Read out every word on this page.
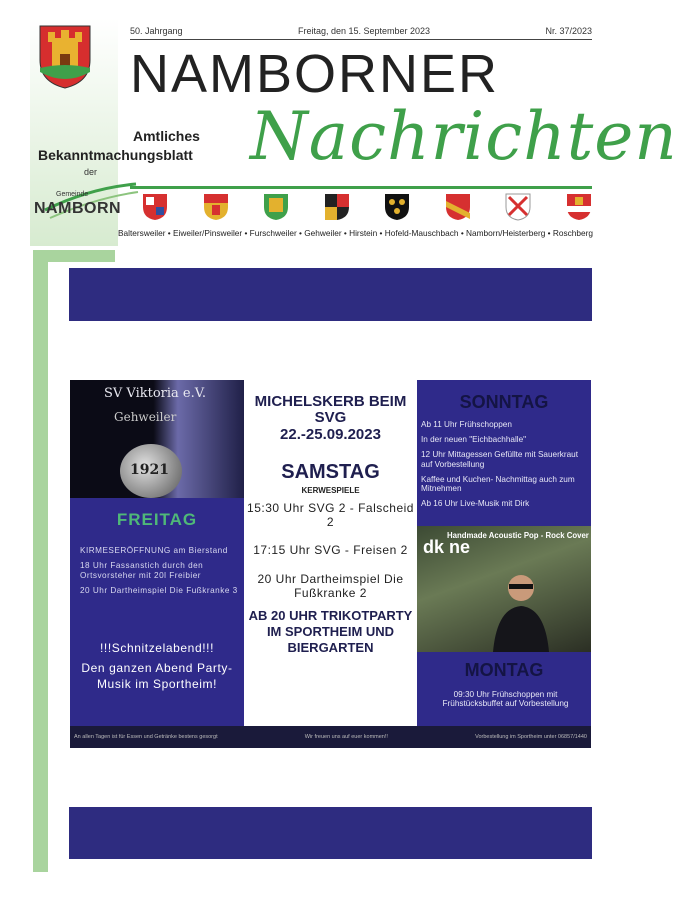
50. Jahrgang	Freitag, den 15. September 2023	Nr. 37/2023
NAMBORNER
Nachrichten
Amtliches
Bekanntmachungsblatt
der
Gemeinde
NAMBORN
Baltersweiler • Eiweiler/Pinsweiler • Furschweiler • Gehweiler • Hirstein • Hofeld-Mauschbach • Namborn/Heisterberg • Roschberg
SV Viktoria e.V.
Gehweiler
1921
FREITAG
KIRMESERÖFFNUNG am Bierstand
18 Uhr Fassanstich durch den Ortsvorsteher mit 20l Freibier
20 Uhr Dartheimspiel Die Fußkranke 3
!!!Schnitzelabend!!!
Den ganzen Abend Party-Musik im Sportheim!
MICHELSKERB BEIM SVG
22.-25.09.2023
SAMSTAG
KERWESPIELE
15:30 Uhr SVG 2 - Falscheid 2
17:15 Uhr SVG - Freisen 2
20 Uhr Dartheimspiel Die Fußkranke 2
AB 20 UHR TRIKOTPARTY IM SPORTHEIM UND BIERGARTEN
SONNTAG
Ab 11 Uhr Frühschoppen
In der neuen "Eichbachhalle"
12 Uhr Mittagessen Gefüllte mit Sauerkraut auf Vorbestellung
Kaffee und Kuchen- Nachmittag auch zum Mitnehmen
Ab 16 Uhr Live-Musik mit Dirk
dk ne
Handmade Acoustic Pop - Rock Cover
MONTAG
09:30 Uhr Frühschoppen mit Frühstücksbuffet auf Vorbestellung
An allen Tagen ist für Essen und Getränke bestens gesorgt	Wir freuen uns auf euer kommen!!	Vorbestellung im Sportheim unter 06857/1440
